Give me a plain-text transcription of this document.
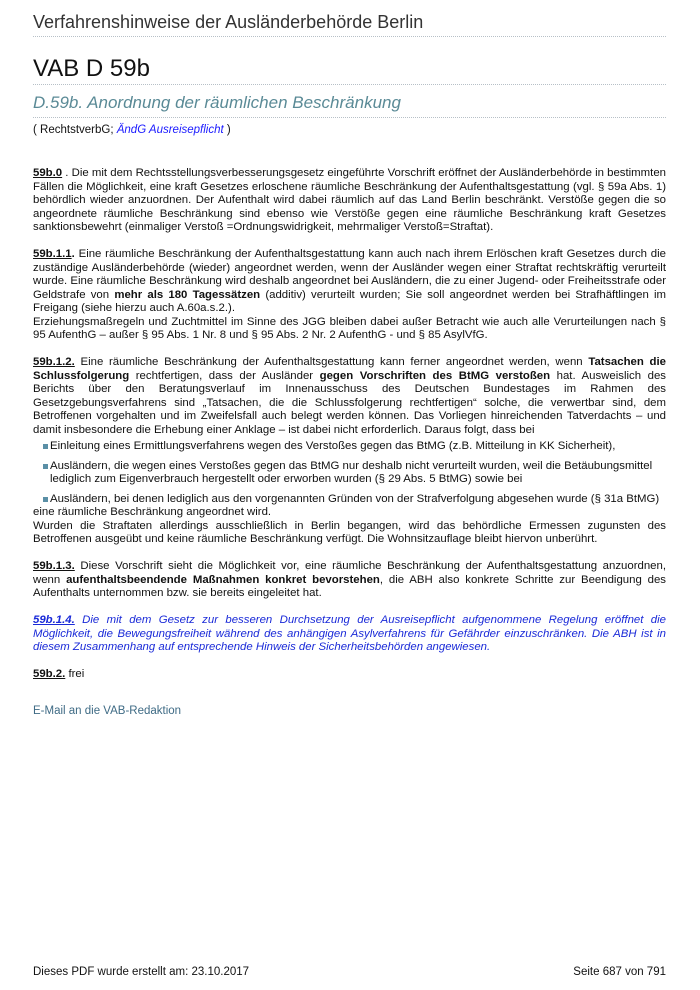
Verfahrenshinweise der Ausländerbehörde Berlin
VAB D 59b
D.59b. Anordnung der räumlichen Beschränkung
( RechtstverbG; ÄndG Ausreisepflicht )

59b.0 . Die mit dem Rechtsstellungsverbesserungsgesetz eingeführte Vorschrift eröffnet der Ausländerbehörde in bestimmten Fällen die Möglichkeit, eine kraft Gesetzes erloschene räumliche Beschränkung der Aufenthaltsgestattung (vgl. § 59a Abs. 1) behördlich wieder anzuordnen. Der Aufenthalt wird dabei räumlich auf das Land Berlin beschränkt. Verstöße gegen die so angeordnete räumliche Beschränkung sind ebenso wie Verstöße gegen eine räumliche Beschränkung kraft Gesetzes sanktionsbewehrt (einmaliger Verstoß =Ordnungswidrigkeit, mehrmaliger Verstoß=Straftat).

59b.1.1. Eine räumliche Beschränkung der Aufenthaltsgestattung kann auch nach ihrem Erlöschen kraft Gesetzes durch die zuständige Ausländerbehörde (wieder) angeordnet werden, wenn der Ausländer wegen einer Straftat rechtskräftig verurteilt wurde. Eine räumliche Beschränkung wird deshalb angeordnet bei Ausländern, die zu einer Jugend- oder Freiheitsstrafe oder Geldstrafe von mehr als 180 Tagessätzen (additiv) verurteilt wurden; Sie soll angeordnet werden bei Strafhäftlingen im Freigang (siehe hierzu auch A.60a.s.2.).

Erziehungsmaßregeln und Zuchtmittel im Sinne des JGG bleiben dabei außer Betracht wie auch alle Verurteilungen nach § 95 AufenthG – außer § 95 Abs. 1 Nr. 8 und § 95 Abs. 2 Nr. 2 AufenthG - und § 85 AsylVfG.

59b.1.2. Eine räumliche Beschränkung der Aufenthaltsgestattung kann ferner angeordnet werden, wenn Tatsachen die Schlussfolgerung rechtfertigen, dass der Ausländer gegen Vorschriften des BtMG verstoßen hat. Ausweislich des Berichts über den Beratungsverlauf im Innenausschuss des Deutschen Bundestages im Rahmen des Gesetzgebungsverfahrens sind „Tatsachen, die die Schlussfolgerung rechtfertigen“ solche, die verwertbar sind, dem Betroffenen vorgehalten und im Zweifelsfall auch belegt werden können. Das Vorliegen hinreichenden Tatverdachts – und damit insbesondere die Erhebung einer Anklage – ist dabei nicht erforderlich. Daraus folgt, dass bei

Einleitung eines Ermittlungsverfahrens wegen des Verstoßes gegen das BtMG (z.B. Mitteilung in KK Sicherheit),
Ausländern, die wegen eines Verstoßes gegen das BtMG nur deshalb nicht verurteilt wurden, weil die Betäubungsmittel lediglich zum Eigenverbrauch hergestellt oder erworben wurden (§ 29 Abs. 5 BtMG) sowie bei
Ausländern, bei denen lediglich aus den vorgenannten Gründen von der Strafverfolgung abgesehen wurde (§ 31a BtMG)

eine räumliche Beschränkung angeordnet wird.

Wurden die Straftaten allerdings ausschließlich in Berlin begangen, wird das behördliche Ermessen zugunsten des Betroffenen ausgeübt und keine räumliche Beschränkung verfügt. Die Wohnsitzauflage bleibt hiervon unberührt.

59b.1.3. Diese Vorschrift sieht die Möglichkeit vor, eine räumliche Beschränkung der Aufenthaltsgestattung anzuordnen, wenn aufenthaltsbeendende Maßnahmen konkret bevorstehen, die ABH also konkrete Schritte zur Beendigung des Aufenthalts unternommen bzw. sie bereits eingeleitet hat.

59b.1.4. Die mit dem Gesetz zur besseren Durchsetzung der Ausreisepflicht aufgenommene Regelung eröffnet die Möglichkeit, die Bewegungsfreiheit während des anhängigen Asylverfahrens für Gefährder einzuschränken. Die ABH ist in diesem Zusammenhang auf entsprechende Hinweis der Sicherheitsbehörden angewiesen.

59b.2. frei

E-Mail an die VAB-Redaktion
Dieses PDF wurde erstellt am: 23.10.2017	Seite 687 von 791
